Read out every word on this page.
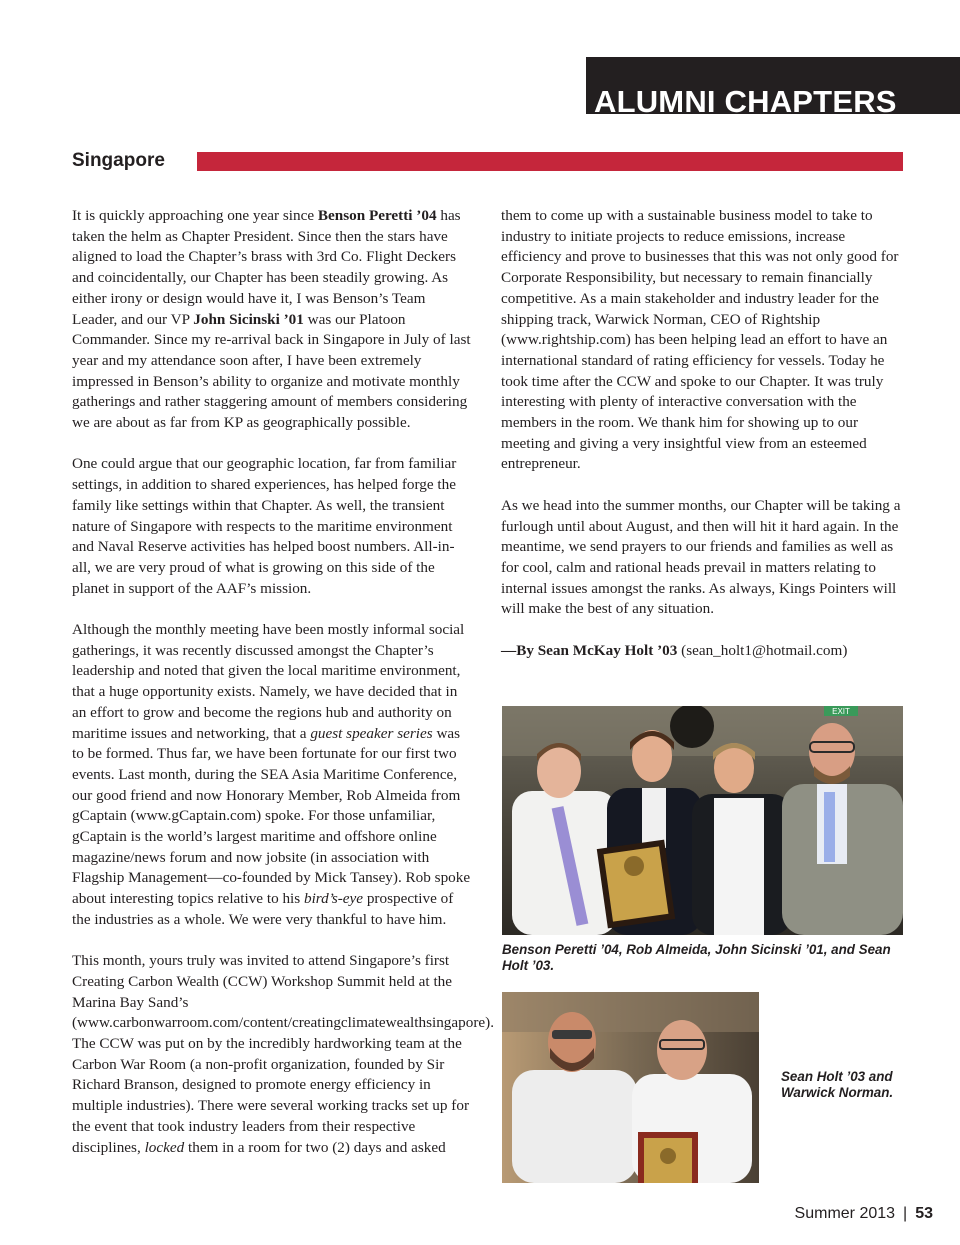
ALUMNI CHAPTERS
Singapore

It is quickly approaching one year since Benson Peretti ’04 has taken the helm as Chapter President. Since then the stars have aligned to load the Chapter’s brass with 3rd Co. Flight Deckers and coincidentally, our Chapter has been steadily growing. As either irony or design would have it, I was Benson’s Team Leader, and our VP John Sicinski ’01 was our Platoon Commander. Since my re-arrival back in Singapore in July of last year and my attendance soon after, I have been extremely impressed in Benson’s ability to organize and motivate monthly gatherings and rather staggering amount of members considering we are about as far from KP as geographically possible.

One could argue that our geographic location, far from familiar settings, in addition to shared experiences, has helped forge the family like settings within that Chapter. As well, the transient nature of Singapore with respects to the maritime environment and Naval Reserve activities has helped boost numbers. All-in-all, we are very proud of what is growing on this side of the planet in support of the AAF’s mission.

Although the monthly meeting have been mostly informal social gatherings, it was recently discussed amongst the Chapter’s leadership and noted that given the local maritime environment, that a huge opportunity exists. Namely, we have decided that in an effort to grow and become the regions hub and authority on maritime issues and networking, that a guest speaker series was to be formed. Thus far, we have been fortunate for our first two events. Last month, during the SEA Asia Maritime Conference, our good friend and now Honorary Member, Rob Almeida from gCaptain (www.gCaptain.com) spoke. For those unfamiliar, gCaptain is the world’s largest maritime and offshore online magazine/news forum and now jobsite (in association with Flagship Management—co-founded by Mick Tansey). Rob spoke about interesting topics relative to his bird’s-eye prospective of the industries as a whole. We were very thankful to have him.

This month, yours truly was invited to attend Singapore’s first Creating Carbon Wealth (CCW) Workshop Summit held at the Marina Bay Sand’s (www.carbonwarroom.com/content/creatingclimatewealthsingapore). The CCW was put on by the incredibly hardworking team at the Carbon War Room (a non-profit organization, founded by Sir Richard Branson, designed to promote energy efficiency in multiple industries). There were several working tracks set up for the event that took industry leaders from their respective disciplines, locked them in a room for two (2) days and asked

them to come up with a sustainable business model to take to industry to initiate projects to reduce emissions, increase efficiency and prove to businesses that this was not only good for Corporate Responsibility, but necessary to remain financially competitive. As a main stakeholder and industry leader for the shipping track, Warwick Norman, CEO of Rightship (www.rightship.com) has been helping lead an effort to have an international standard of rating efficiency for vessels. Today he took time after the CCW and spoke to our Chapter. It was truly interesting with plenty of interactive conversation with the members in the room. We thank him for showing up to our meeting and giving a very insightful view from an esteemed entrepreneur.

As we head into the summer months, our Chapter will be taking a furlough until about August, and then will hit it hard again. In the meantime, we send prayers to our friends and families as well as for cool, calm and rational heads prevail in matters relating to internal issues amongst the ranks. As always, Kings Pointers will will make the best of any situation.

—By Sean McKay Holt ’03 (sean_holt1@hotmail.com)

EXIT
Benson Peretti ’04, Rob Almeida, John Sicinski ’01, and Sean Holt ’03.
Sean Holt ’03 and Warwick Norman.
Summer 2013 | 53
